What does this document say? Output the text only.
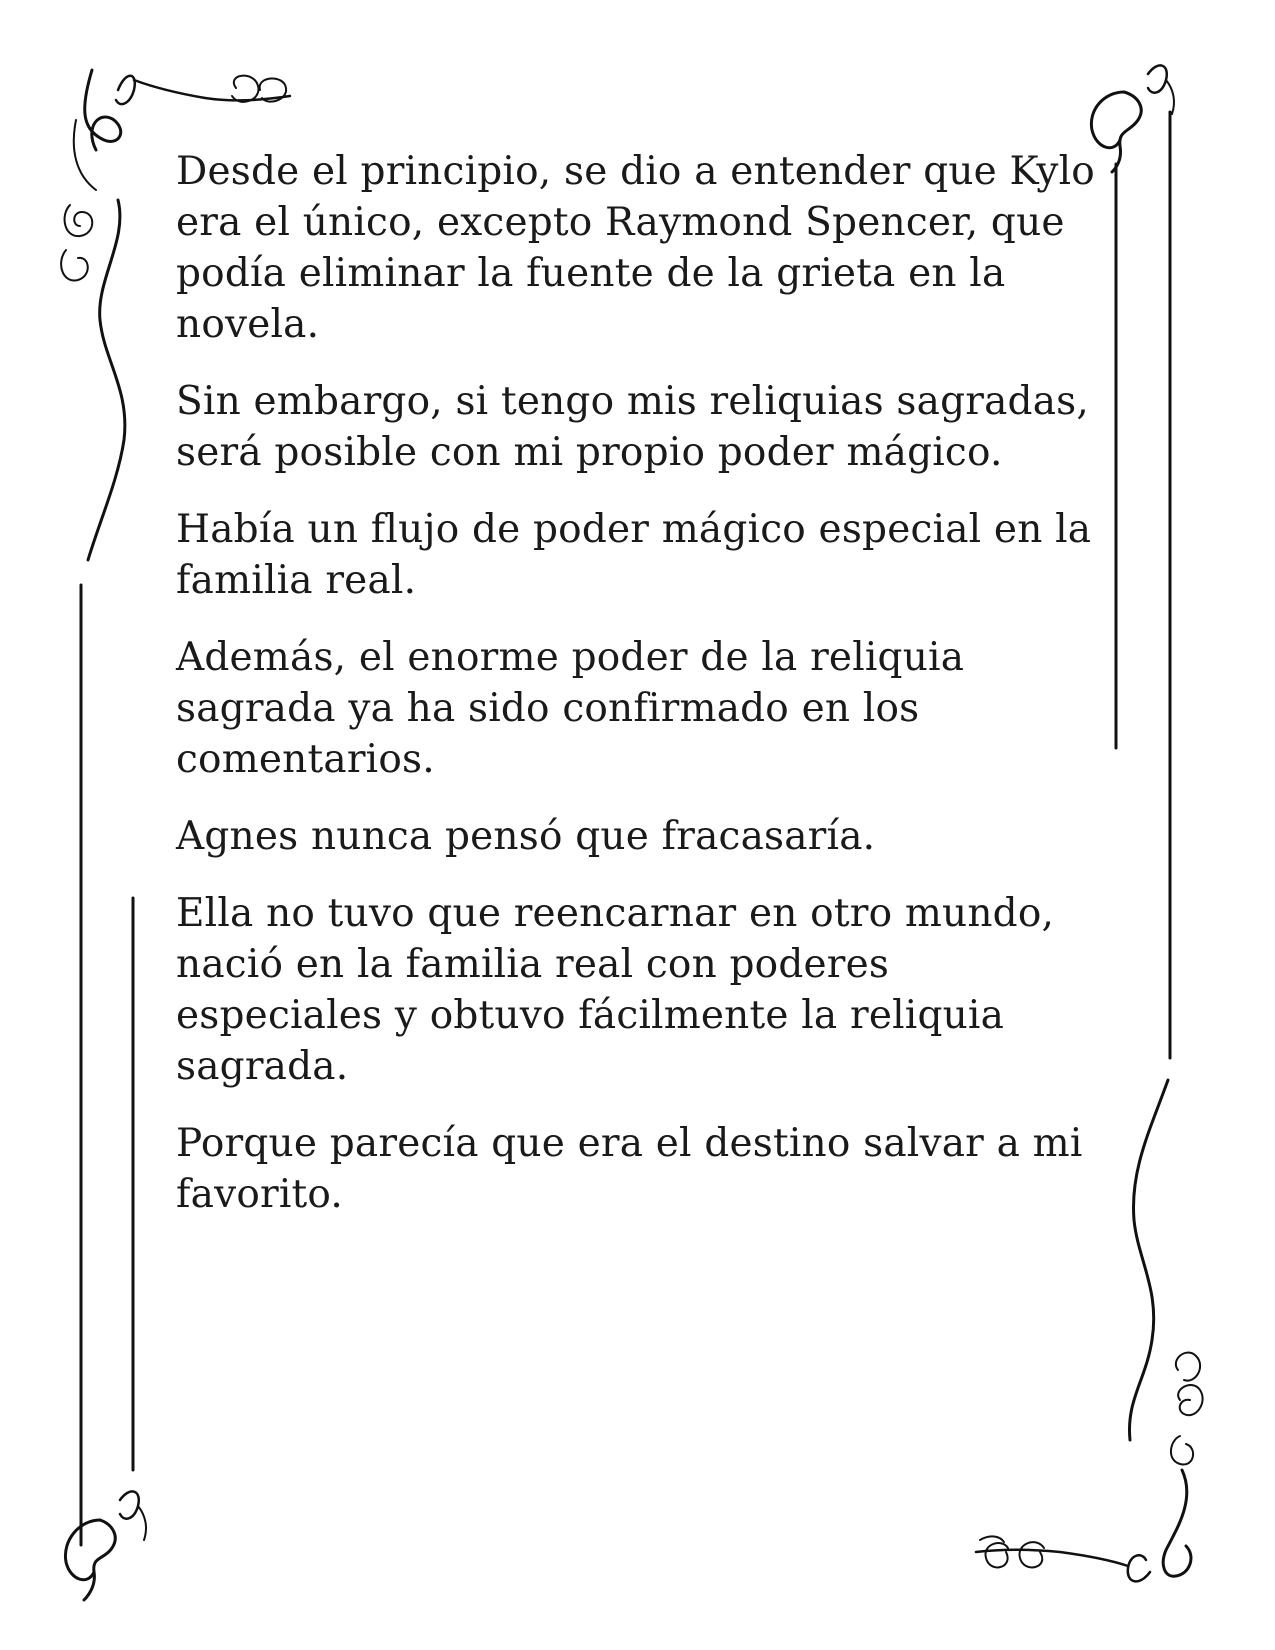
Desde el principio, se dio a entender que Kylo era el único, excepto Raymond Spencer, que podía eliminar la fuente de la grieta en la novela.

Sin embargo, si tengo mis reliquias sagradas, será posible con mi propio poder mágico.

Había un flujo de poder mágico especial en la familia real.

Además, el enorme poder de la reliquia sagrada ya ha sido confirmado en los comentarios.

Agnes nunca pensó que fracasaría.

Ella no tuvo que reencarnar en otro mundo, nació en la familia real con poderes especiales y obtuvo fácilmente la reliquia sagrada.

Porque parecía que era el destino salvar a mi favorito.
